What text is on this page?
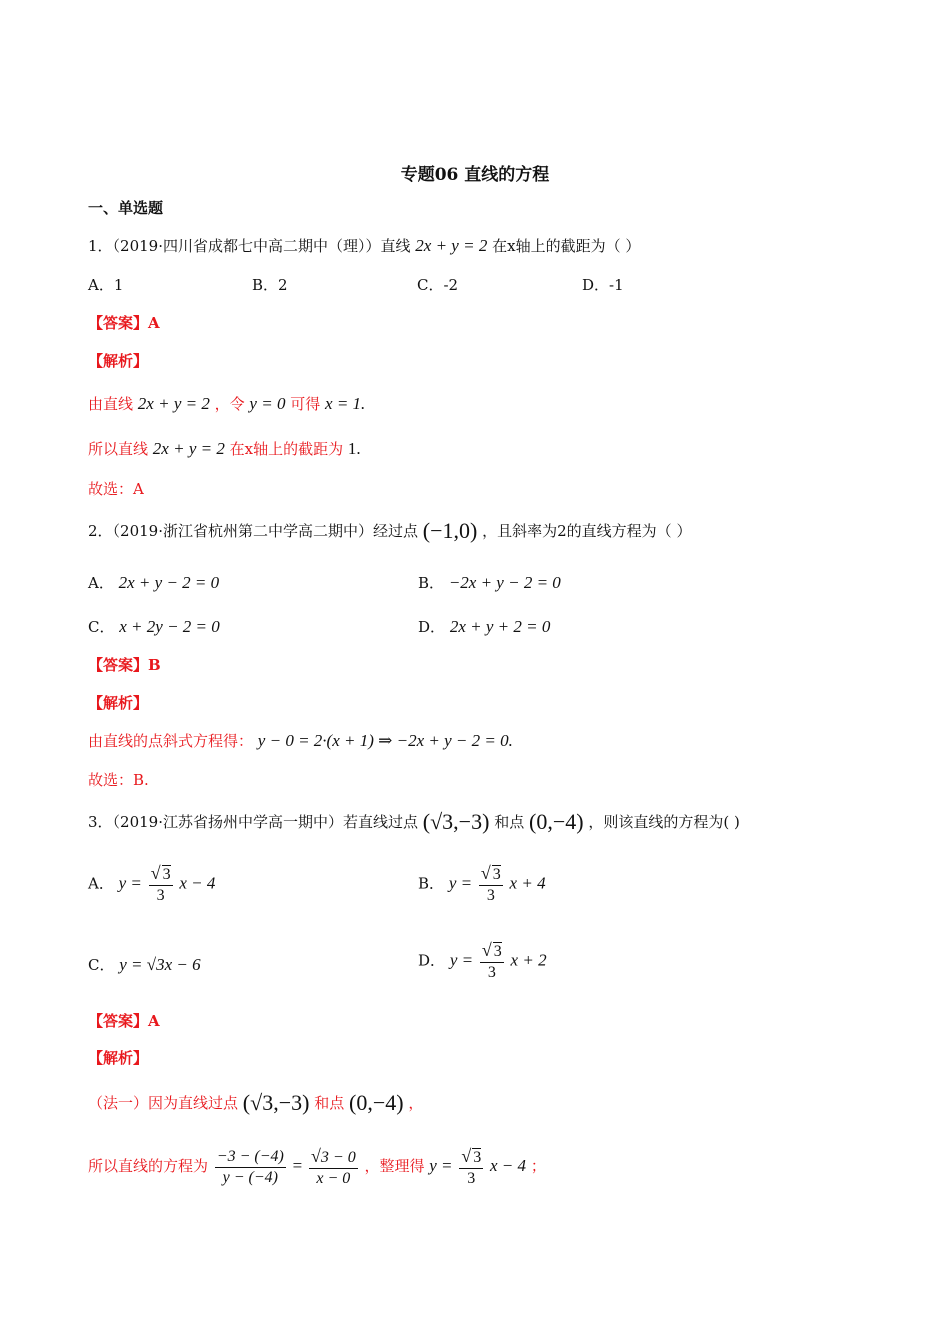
专题06 直线的方程
一、单选题
1．（2019·四川省成都七中高二期中（理））直线 2x + y = 2 在x轴上的截距为（ ）
A．1	B．2	C．-2	D．-1
【答案】A
【解析】
由直线 2x + y = 2 ，令 y = 0 可得 x = 1.
所以直线 2x + y = 2 在x轴上的截距为 1.
故选：A
2．（2019·浙江省杭州第二中学高二期中）经过点 (−1,0) ，且斜率为2的直线方程为（ ）
A． 2x + y − 2 = 0	B． −2x + y − 2 = 0
C． x + 2y − 2 = 0	D． 2x + y + 2 = 0
【答案】B
【解析】
由直线的点斜式方程得： y − 0 = 2·(x + 1) ⇒ −2x + y − 2 = 0.
故选：B.
3．（2019·江苏省扬州中学高一期中）若直线过点 (√3,−3) 和点 (0,−4) ，则该直线的方程为( )
A． $y = \frac{√ 3}{3}$ x − 4	B． $y = \frac{√ 3}{3}$ x + 4
C． y = √3x − 6	D． $y = \frac{√ 3}{3}$ x + 2
【答案】A
【解析】
（法一）因为直线过点 (√3,−3) 和点 (0,−4) ，
所以直线的方程为 $\frac{-3 - (-4)}{y - (-4)} = \frac{√3 - 0}{x - 0}$ ，整理得 $y = \frac{√ 3}{3}$ x − 4 ；
